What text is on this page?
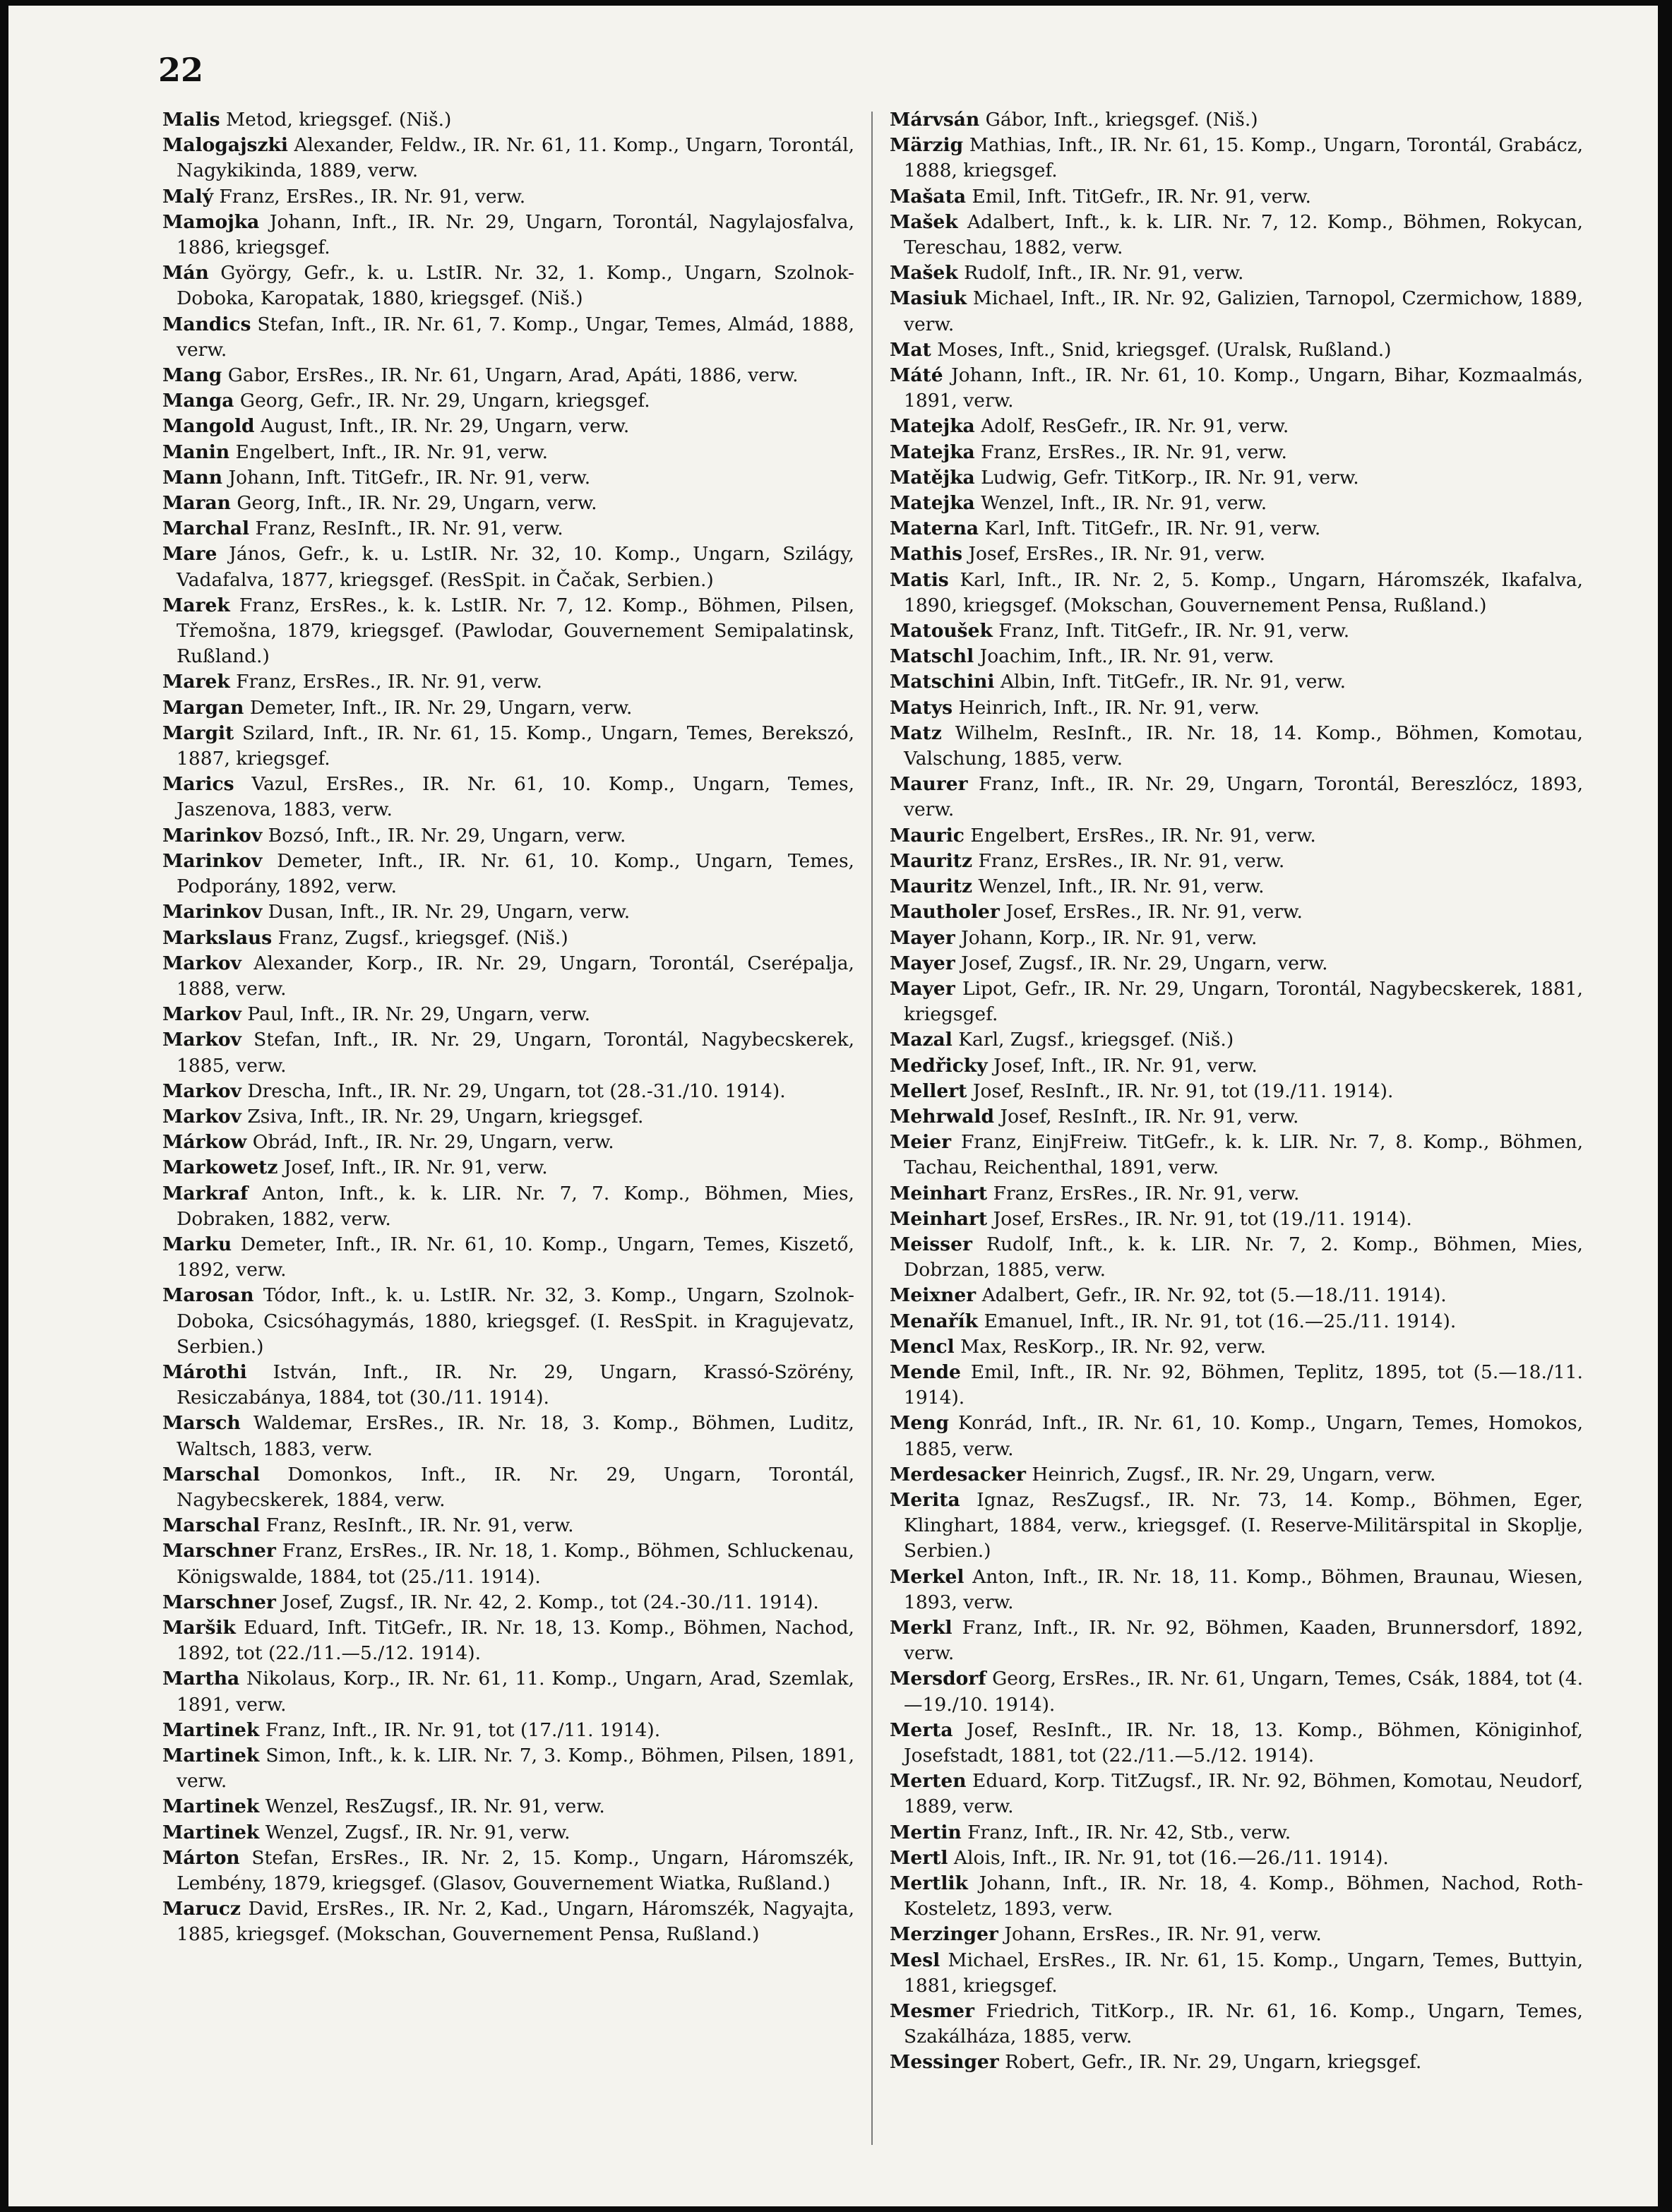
22

Malis Metod, kriegsgef. (Niš.)

Malogajszki Alexander, Feldw., IR. Nr. 61, 11. Komp., Ungarn, Torontál, Nagykikinda, 1889, verw.

Malý Franz, ErsRes., IR. Nr. 91, verw.

Mamojka Johann, Inft., IR. Nr. 29, Ungarn, Torontál, Nagylajosfalva, 1886, kriegsgef.

Mán György, Gefr., k. u. LstIR. Nr. 32, 1. Komp., Ungarn, Szolnok-Doboka, Karopatak, 1880, kriegsgef. (Niš.)

Mandics Stefan, Inft., IR. Nr. 61, 7. Komp., Ungar, Temes, Almád, 1888, verw.

Mang Gabor, ErsRes., IR. Nr. 61, Ungarn, Arad, Apáti, 1886, verw.

Manga Georg, Gefr., IR. Nr. 29, Ungarn, kriegsgef.

Mangold August, Inft., IR. Nr. 29, Ungarn, verw.

Manin Engelbert, Inft., IR. Nr. 91, verw.

Mann Johann, Inft. TitGefr., IR. Nr. 91, verw.

Maran Georg, Inft., IR. Nr. 29, Ungarn, verw.

Marchal Franz, ResInft., IR. Nr. 91, verw.

Mare János, Gefr., k. u. LstIR. Nr. 32, 10. Komp., Ungarn, Szilágy, Vadafalva, 1877, kriegsgef. (ResSpit. in Čačak, Serbien.)

Marek Franz, ErsRes., k. k. LstIR. Nr. 7, 12. Komp., Böhmen, Pilsen, Třemošna, 1879, kriegsgef. (Pawlodar, Gouvernement Semipalatinsk, Rußland.)

Marek Franz, ErsRes., IR. Nr. 91, verw.

Margan Demeter, Inft., IR. Nr. 29, Ungarn, verw.

Margit Szilard, Inft., IR. Nr. 61, 15. Komp., Ungarn, Temes, Berekszó, 1887, kriegsgef.

Marics Vazul, ErsRes., IR. Nr. 61, 10. Komp., Ungarn, Temes, Jaszenova, 1883, verw.

Marinkov Bozsó, Inft., IR. Nr. 29, Ungarn, verw.

Marinkov Demeter, Inft., IR. Nr. 61, 10. Komp., Ungarn, Temes, Podporány, 1892, verw.

Marinkov Dusan, Inft., IR. Nr. 29, Ungarn, verw.

Markslaus Franz, Zugsf., kriegsgef. (Niš.)

Markov Alexander, Korp., IR. Nr. 29, Ungarn, Torontál, Cserépalja, 1888, verw.

Markov Paul, Inft., IR. Nr. 29, Ungarn, verw.

Markov Stefan, Inft., IR. Nr. 29, Ungarn, Torontál, Nagybecskerek, 1885, verw.

Markov Drescha, Inft., IR. Nr. 29, Ungarn, tot (28.-31./10. 1914).

Markov Zsiva, Inft., IR. Nr. 29, Ungarn, kriegsgef.

Márkow Obrád, Inft., IR. Nr. 29, Ungarn, verw.

Markowetz Josef, Inft., IR. Nr. 91, verw.

Markraf Anton, Inft., k. k. LIR. Nr. 7, 7. Komp., Böhmen, Mies, Dobraken, 1882, verw.

Marku Demeter, Inft., IR. Nr. 61, 10. Komp., Ungarn, Temes, Kiszető, 1892, verw.

Marosan Tódor, Inft., k. u. LstIR. Nr. 32, 3. Komp., Ungarn, Szolnok-Doboka, Csicsóhagymás, 1880, kriegsgef. (I. ResSpit. in Kragujevatz, Serbien.)

Márothi István, Inft., IR. Nr. 29, Ungarn, Krassó-Szörény, Resiczabánya, 1884, tot (30./11. 1914).

Marsch Waldemar, ErsRes., IR. Nr. 18, 3. Komp., Böhmen, Luditz, Waltsch, 1883, verw.

Marschal Domonkos, Inft., IR. Nr. 29, Ungarn, Torontál, Nagybecskerek, 1884, verw.

Marschal Franz, ResInft., IR. Nr. 91, verw.

Marschner Franz, ErsRes., IR. Nr. 18, 1. Komp., Böhmen, Schluckenau, Königswalde, 1884, tot (25./11. 1914).

Marschner Josef, Zugsf., IR. Nr. 42, 2. Komp., tot (24.-30./11. 1914).

Maršik Eduard, Inft. TitGefr., IR. Nr. 18, 13. Komp., Böhmen, Nachod, 1892, tot (22./11.—5./12. 1914).

Martha Nikolaus, Korp., IR. Nr. 61, 11. Komp., Ungarn, Arad, Szemlak, 1891, verw.

Martinek Franz, Inft., IR. Nr. 91, tot (17./11. 1914).

Martinek Simon, Inft., k. k. LIR. Nr. 7, 3. Komp., Böhmen, Pilsen, 1891, verw.

Martinek Wenzel, ResZugsf., IR. Nr. 91, verw.

Martinek Wenzel, Zugsf., IR. Nr. 91, verw.

Márton Stefan, ErsRes., IR. Nr. 2, 15. Komp., Ungarn, Háromszék, Lembény, 1879, kriegsgef. (Glasov, Gouvernement Wiatka, Rußland.)

Marucz David, ErsRes., IR. Nr. 2, Kad., Ungarn, Háromszék, Nagyajta, 1885, kriegsgef. (Mokschan, Gouvernement Pensa, Rußland.)

Márvsán Gábor, Inft., kriegsgef. (Niš.)

Märzig Mathias, Inft., IR. Nr. 61, 15. Komp., Ungarn, Torontál, Grabácz, 1888, kriegsgef.

Mašata Emil, Inft. TitGefr., IR. Nr. 91, verw.

Mašek Adalbert, Inft., k. k. LIR. Nr. 7, 12. Komp., Böhmen, Rokycan, Tereschau, 1882, verw.

Mašek Rudolf, Inft., IR. Nr. 91, verw.

Masiuk Michael, Inft., IR. Nr. 92, Galizien, Tarnopol, Czermichow, 1889, verw.

Mat Moses, Inft., Snid, kriegsgef. (Uralsk, Rußland.)

Máté Johann, Inft., IR. Nr. 61, 10. Komp., Ungarn, Bihar, Kozmaalmás, 1891, verw.

Matejka Adolf, ResGefr., IR. Nr. 91, verw.

Matejka Franz, ErsRes., IR. Nr. 91, verw.

Matějka Ludwig, Gefr. TitKorp., IR. Nr. 91, verw.

Matejka Wenzel, Inft., IR. Nr. 91, verw.

Materna Karl, Inft. TitGefr., IR. Nr. 91, verw.

Mathis Josef, ErsRes., IR. Nr. 91, verw.

Matis Karl, Inft., IR. Nr. 2, 5. Komp., Ungarn, Háromszék, Ikafalva, 1890, kriegsgef. (Mokschan, Gouvernement Pensa, Rußland.)

Matoušek Franz, Inft. TitGefr., IR. Nr. 91, verw.

Matschl Joachim, Inft., IR. Nr. 91, verw.

Matschini Albin, Inft. TitGefr., IR. Nr. 91, verw.

Matys Heinrich, Inft., IR. Nr. 91, verw.

Matz Wilhelm, ResInft., IR. Nr. 18, 14. Komp., Böhmen, Komotau, Valschung, 1885, verw.

Maurer Franz, Inft., IR. Nr. 29, Ungarn, Torontál, Bereszlócz, 1893, verw.

Mauric Engelbert, ErsRes., IR. Nr. 91, verw.

Mauritz Franz, ErsRes., IR. Nr. 91, verw.

Mauritz Wenzel, Inft., IR. Nr. 91, verw.

Mautholer Josef, ErsRes., IR. Nr. 91, verw.

Mayer Johann, Korp., IR. Nr. 91, verw.

Mayer Josef, Zugsf., IR. Nr. 29, Ungarn, verw.

Mayer Lipot, Gefr., IR. Nr. 29, Ungarn, Torontál, Nagybecskerek, 1881, kriegsgef.

Mazal Karl, Zugsf., kriegsgef. (Niš.)

Medřicky Josef, Inft., IR. Nr. 91, verw.

Mellert Josef, ResInft., IR. Nr. 91, tot (19./11. 1914).

Mehrwald Josef, ResInft., IR. Nr. 91, verw.

Meier Franz, EinjFreiw. TitGefr., k. k. LIR. Nr. 7, 8. Komp., Böhmen, Tachau, Reichenthal, 1891, verw.

Meinhart Franz, ErsRes., IR. Nr. 91, verw.

Meinhart Josef, ErsRes., IR. Nr. 91, tot (19./11. 1914).

Meisser Rudolf, Inft., k. k. LIR. Nr. 7, 2. Komp., Böhmen, Mies, Dobrzan, 1885, verw.

Meixner Adalbert, Gefr., IR. Nr. 92, tot (5.—18./11. 1914).

Menařík Emanuel, Inft., IR. Nr. 91, tot (16.—25./11. 1914).

Mencl Max, ResKorp., IR. Nr. 92, verw.

Mende Emil, Inft., IR. Nr. 92, Böhmen, Teplitz, 1895, tot (5.—18./11. 1914).

Meng Konrád, Inft., IR. Nr. 61, 10. Komp., Ungarn, Temes, Homokos, 1885, verw.

Merdesacker Heinrich, Zugsf., IR. Nr. 29, Ungarn, verw.

Merita Ignaz, ResZugsf., IR. Nr. 73, 14. Komp., Böhmen, Eger, Klinghart, 1884, verw., kriegsgef. (I. Reserve-Militärspital in Skoplje, Serbien.)

Merkel Anton, Inft., IR. Nr. 18, 11. Komp., Böhmen, Braunau, Wiesen, 1893, verw.

Merkl Franz, Inft., IR. Nr. 92, Böhmen, Kaaden, Brunnersdorf, 1892, verw.

Mersdorf Georg, ErsRes., IR. Nr. 61, Ungarn, Temes, Csák, 1884, tot (4.—19./10. 1914).

Merta Josef, ResInft., IR. Nr. 18, 13. Komp., Böhmen, Königinhof, Josefstadt, 1881, tot (22./11.—5./12. 1914).

Merten Eduard, Korp. TitZugsf., IR. Nr. 92, Böhmen, Komotau, Neudorf, 1889, verw.

Mertin Franz, Inft., IR. Nr. 42, Stb., verw.

Mertl Alois, Inft., IR. Nr. 91, tot (16.—26./11. 1914).

Mertlik Johann, Inft., IR. Nr. 18, 4. Komp., Böhmen, Nachod, Roth-Kosteletz, 1893, verw.

Merzinger Johann, ErsRes., IR. Nr. 91, verw.

Mesl Michael, ErsRes., IR. Nr. 61, 15. Komp., Ungarn, Temes, Buttyin, 1881, kriegsgef.

Mesmer Friedrich, TitKorp., IR. Nr. 61, 16. Komp., Ungarn, Temes, Szakálháza, 1885, verw.

Messinger Robert, Gefr., IR. Nr. 29, Ungarn, kriegsgef.
